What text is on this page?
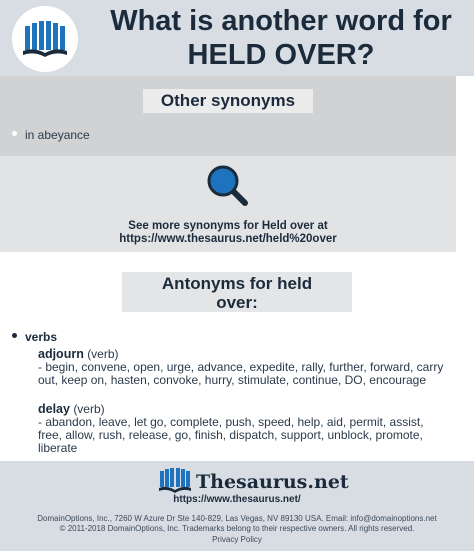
What is another word for
HELD OVER?
Other synonyms
in abeyance
See more synonyms for Held over at
https://www.thesaurus.net/held%20over
Antonyms for held
over:
verbs
adjourn (verb)
- begin, convene, open, urge, advance, expedite, rally, further, forward, carry out, keep on, hasten, convoke, hurry, stimulate, continue, DO, encourage
delay (verb)
- abandon, leave, let go, complete, push, speed, help, aid, permit, assist, free, allow, rush, release, go, finish, dispatch, support, unblock, promote, liberate
Thesaurus.net
https://www.thesaurus.net/
DomainOptions, Inc., 7260 W Azure Dr Ste 140-829, Las Vegas, NV 89130 USA. Email: info@domainoptions.net
© 2011-2018 DomainOptions, Inc. Trademarks belong to their respective owners. All rights reserved.
Privacy Policy
